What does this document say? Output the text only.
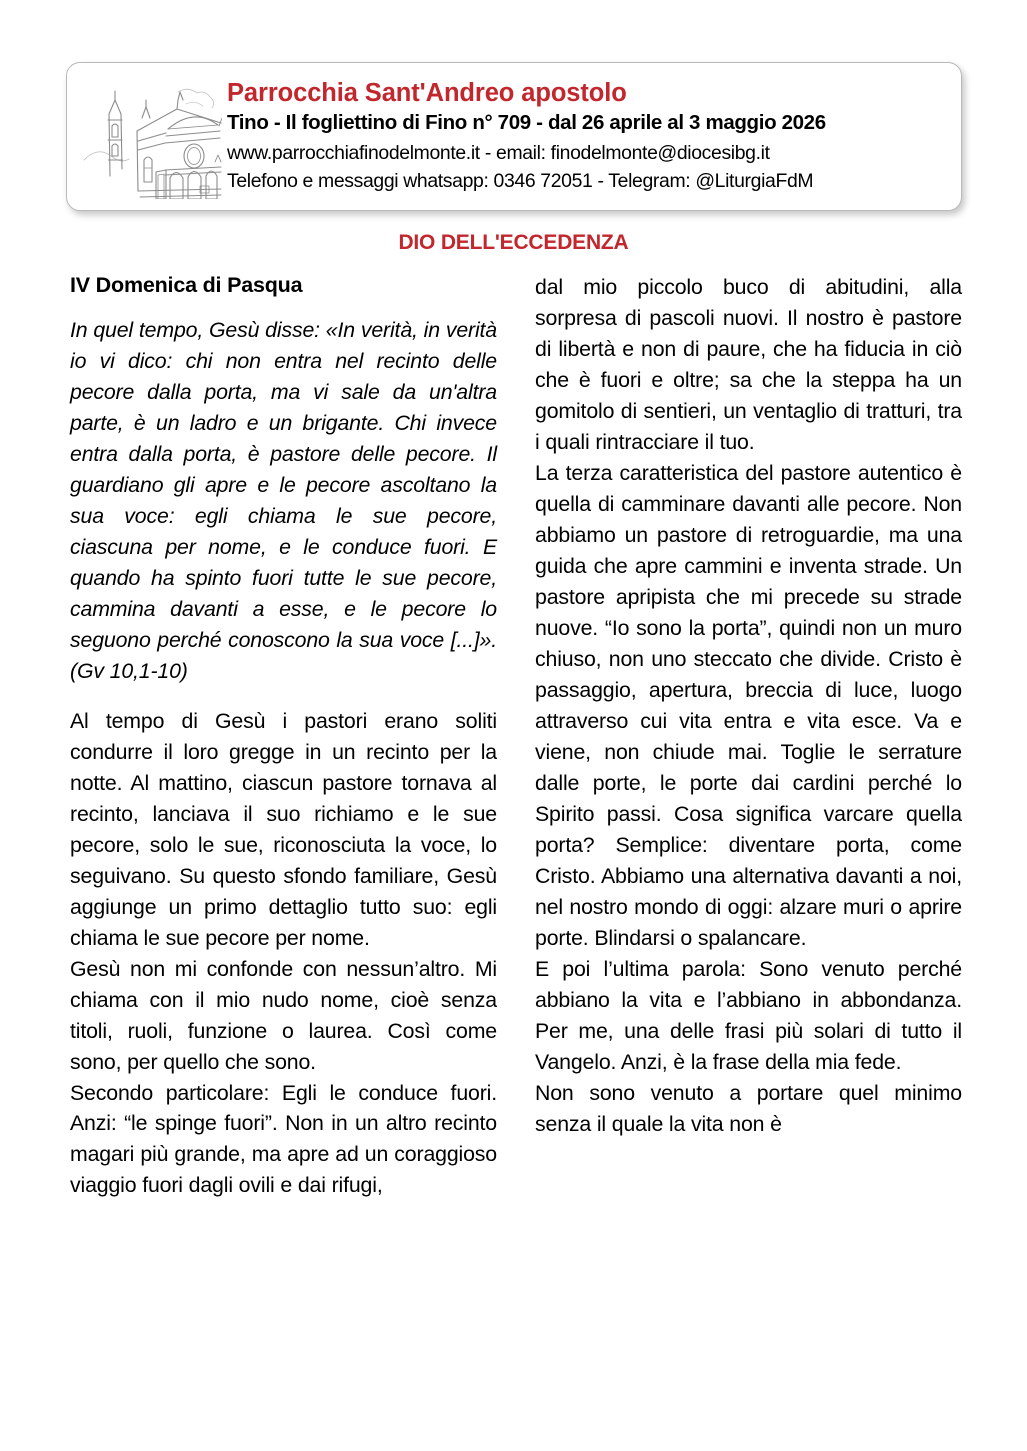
Parrocchia Sant'Andreo apostolo
Tino - Il fogliettino di Fino n° 709 - dal 26 aprile al 3 maggio 2026
www.parrocchiafinodelmonte.it - email: finodelmonte@diocesibg.it
Telefono e messaggi whatsapp: 0346 72051 - Telegram: @LiturgiaFdM
DIO DELL'ECCEDENZA
IV Domenica di Pasqua

In quel tempo, Gesù disse: «In verità, in verità io vi dico: chi non entra nel recinto delle pecore dalla porta, ma vi sale da un'altra parte, è un ladro e un brigante. Chi invece entra dalla porta, è pastore delle pecore. Il guardiano gli apre e le pecore ascoltano la sua voce: egli chiama le sue pecore, ciascuna per nome, e le conduce fuori. E quando ha spinto fuori tutte le sue pecore, cammina davanti a esse, e le pecore lo seguono perché conoscono la sua voce [...]». (Gv 10,1-10)

Al tempo di Gesù i pastori erano soliti condurre il loro gregge in un recinto per la notte. Al mattino, ciascun pastore tornava al recinto, lanciava il suo richiamo e le sue pecore, solo le sue, riconosciuta la voce, lo seguivano. Su questo sfondo familiare, Gesù aggiunge un primo dettaglio tutto suo: egli chiama le sue pecore per nome.

Gesù non mi confonde con nessun’altro. Mi chiama con il mio nudo nome, cioè senza titoli, ruoli, funzione o laurea. Così come sono, per quello che sono.

Secondo particolare: Egli le conduce fuori. Anzi: “le spinge fuori”. Non in un altro recinto magari più grande, ma apre ad un coraggioso viaggio fuori dagli ovili e dai rifugi,

dal mio piccolo buco di abitudini, alla sorpresa di pascoli nuovi. Il nostro è pastore di libertà e non di paure, che ha fiducia in ciò che è fuori e oltre; sa che la steppa ha un gomitolo di sentieri, un ventaglio di tratturi, tra i quali rintracciare il tuo.

La terza caratteristica del pastore autentico è quella di camminare davanti alle pecore. Non abbiamo un pastore di retroguardie, ma una guida che apre cammini e inventa strade. Un pastore apripista che mi precede su strade nuove. “Io sono la porta”, quindi non un muro chiuso, non uno steccato che divide. Cristo è passaggio, apertura, breccia di luce, luogo attraverso cui vita entra e vita esce. Va e viene, non chiude mai. Toglie le serrature dalle porte, le porte dai cardini perché lo Spirito passi. Cosa significa varcare quella porta? Semplice: diventare porta, come Cristo. Abbiamo una alternativa davanti a noi, nel nostro mondo di oggi: alzare muri o aprire porte. Blindarsi o spalancare.

E poi l’ultima parola: Sono venuto perché abbiano la vita e l’abbiano in abbondanza. Per me, una delle frasi più solari di tutto il Vangelo. Anzi, è la frase della mia fede.

Non sono venuto a portare quel minimo senza il quale la vita non è
